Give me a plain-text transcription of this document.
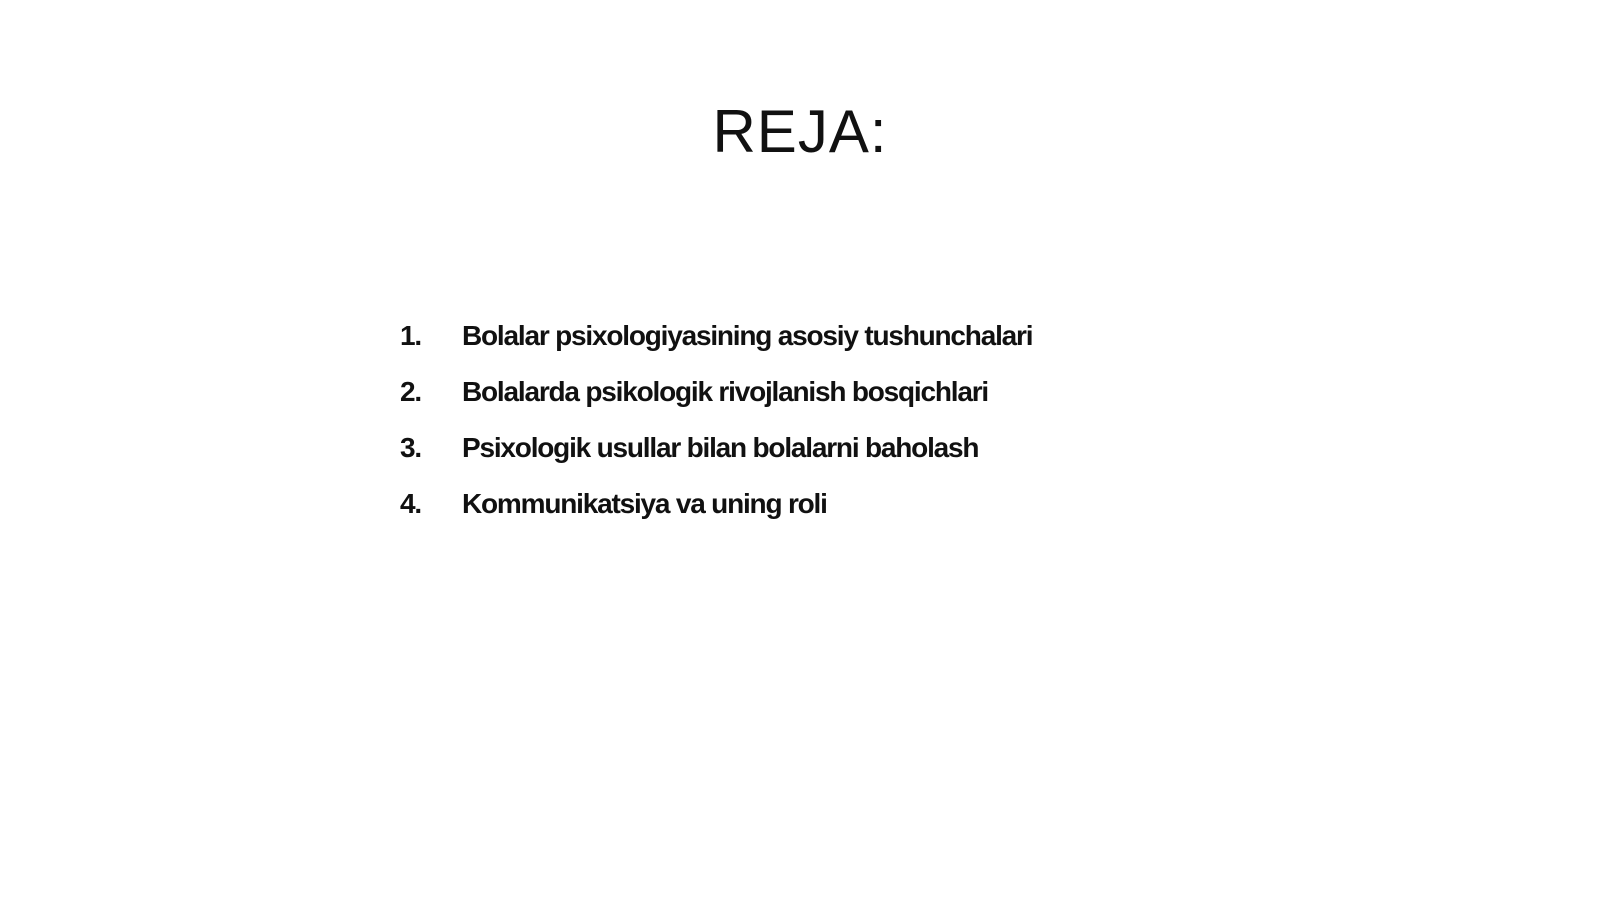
REJA:
1.	Bolalar psixologiyasining asosiy tushunchalari
2.	Bolalarda psikologik rivojlanish bosqichlari
3.	Psixologik usullar bilan bolalarni baholash
4.	Kommunikatsiya va uning roli
